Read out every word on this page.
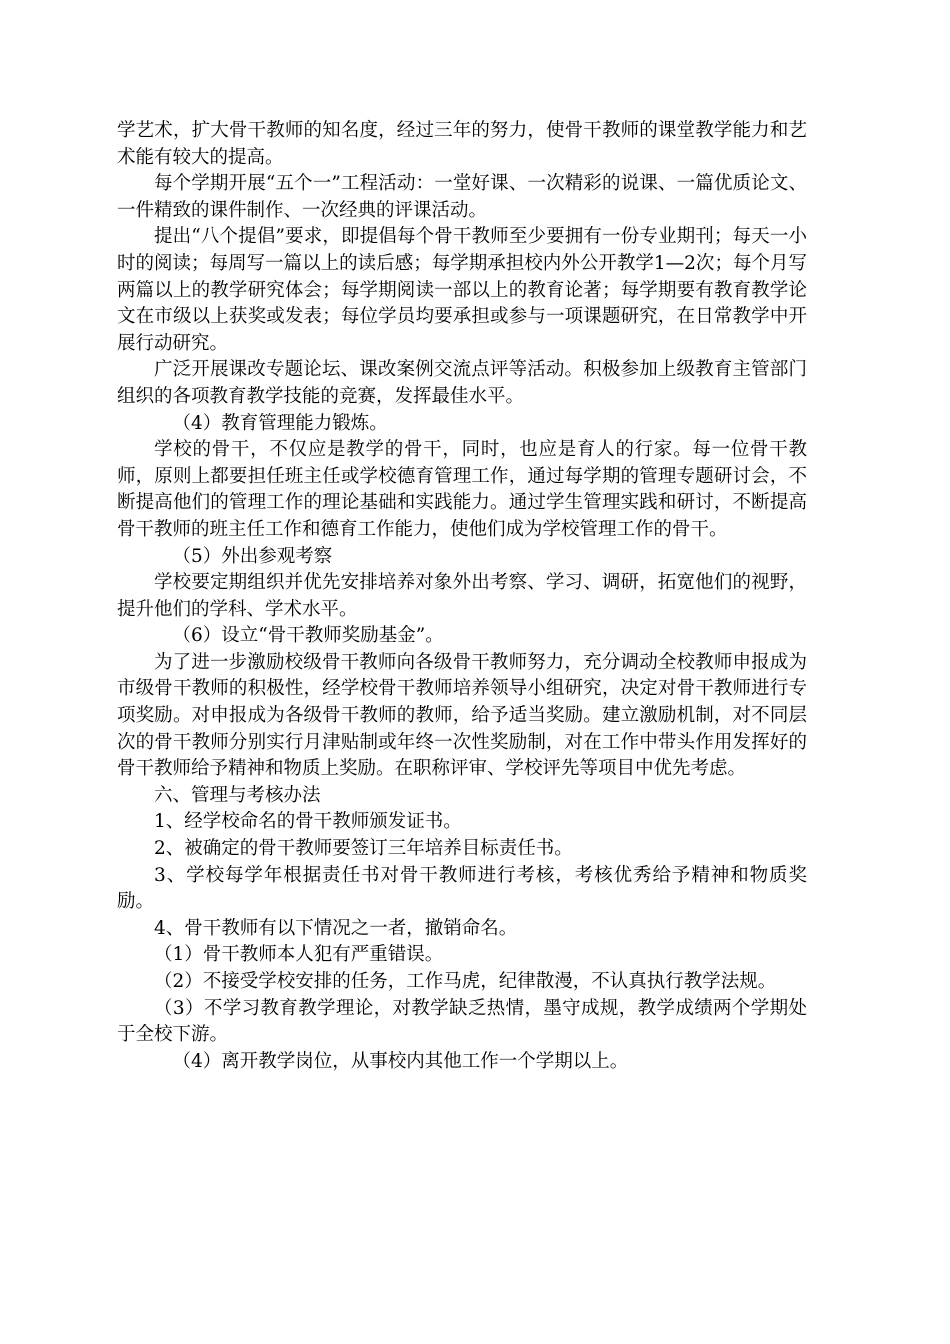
学艺术，扩大骨干教师的知名度，经过三年的努力，使骨干教师的课堂教学能力和艺术能有较大的提高。

每个学期开展“五个一”工程活动：一堂好课、一次精彩的说课、一篇优质论文、一件精致的课件制作、一次经典的评课活动。

提出“八个提倡”要求，即提倡每个骨干教师至少要拥有一份专业期刊；每天一小时的阅读；每周写一篇以上的读后感；每学期承担校内外公开教学1—2次；每个月写两篇以上的教学研究体会；每学期阅读一部以上的教育论著；每学期要有教育教学论文在市级以上获奖或发表；每位学员均要承担或参与一项课题研究，在日常教学中开展行动研究。

广泛开展课改专题论坛、课改案例交流点评等活动。积极参加上级教育主管部门组织的各项教育教学技能的竞赛，发挥最佳水平。

（4）教育管理能力锻炼。

学校的骨干，不仅应是教学的骨干，同时，也应是育人的行家。每一位骨干教师，原则上都要担任班主任或学校德育管理工作，通过每学期的管理专题研讨会，不断提高他们的管理工作的理论基础和实践能力。通过学生管理实践和研讨，不断提高骨干教师的班主任工作和德育工作能力，使他们成为学校管理工作的骨干。

（5）外出参观考察

学校要定期组织并优先安排培养对象外出考察、学习、调研，拓宽他们的视野，提升他们的学科、学术水平。

（6）设立“骨干教师奖励基金”。

为了进一步激励校级骨干教师向各级骨干教师努力，充分调动全校教师申报成为市级骨干教师的积极性，经学校骨干教师培养领导小组研究，决定对骨干教师进行专项奖励。对申报成为各级骨干教师的教师，给予适当奖励。建立激励机制，对不同层次的骨干教师分别实行月津贴制或年终一次性奖励制，对在工作中带头作用发挥好的骨干教师给予精神和物质上奖励。在职称评审、学校评先等项目中优先考虑。

六、管理与考核办法

1、经学校命名的骨干教师颁发证书。

2、被确定的骨干教师要签订三年培养目标责任书。

3、学校每学年根据责任书对骨干教师进行考核，考核优秀给予精神和物质奖励。

4、骨干教师有以下情况之一者，撤销命名。

（1）骨干教师本人犯有严重错误。

（2）不接受学校安排的任务，工作马虎，纪律散漫，不认真执行教学法规。

（3）不学习教育教学理论，对教学缺乏热情，墨守成规，教学成绩两个学期处于全校下游。

（4）离开教学岗位，从事校内其他工作一个学期以上。
